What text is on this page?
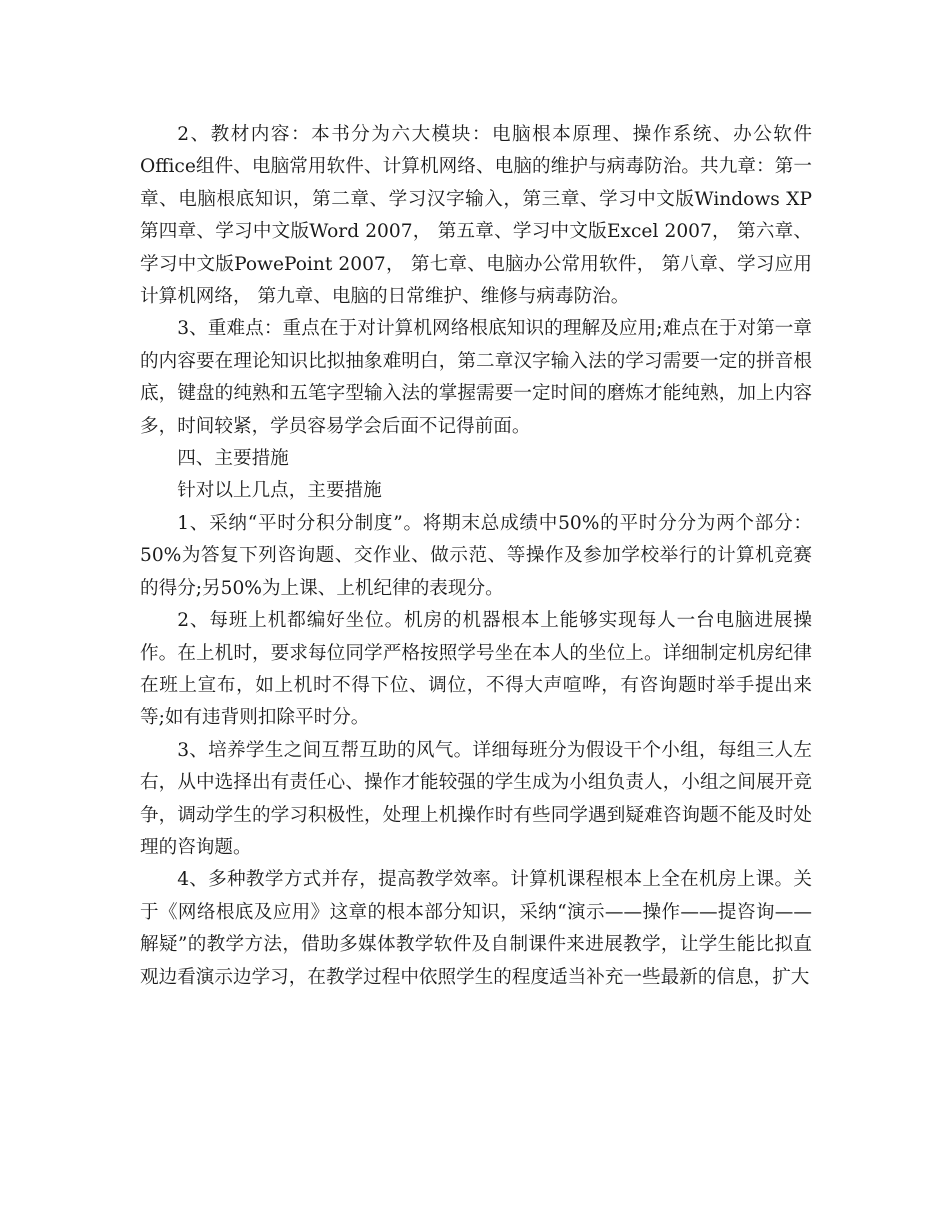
2、教材内容：本书分为六大模块：电脑根本原理、操作系统、办公软件Office组件、电脑常用软件、计算机网络、电脑的维护与病毒防治。共九章：第一章、电脑根底知识，第二章、学习汉字输入，第三章、学习中文版Windows XP第四章、学习中文版Word 2007， 第五章、学习中文版Excel 2007， 第六章、学习中文版PowePoint 2007， 第七章、电脑办公常用软件， 第八章、学习应用计算机网络， 第九章、电脑的日常维护、维修与病毒防治。

3、重难点：重点在于对计算机网络根底知识的理解及应用;难点在于对第一章的内容要在理论知识比拟抽象难明白，第二章汉字输入法的学习需要一定的拼音根底，键盘的纯熟和五笔字型输入法的掌握需要一定时间的磨炼才能纯熟，加上内容多，时间较紧，学员容易学会后面不记得前面。

四、主要措施

针对以上几点，主要措施

1、采纳“平时分积分制度”。将期末总成绩中50%的平时分分为两个部分：50%为答复下列咨询题、交作业、做示范、等操作及参加学校举行的计算机竞赛的得分;另50%为上课、上机纪律的表现分。

2、每班上机都编好坐位。机房的机器根本上能够实现每人一台电脑进展操作。在上机时，要求每位同学严格按照学号坐在本人的坐位上。详细制定机房纪律在班上宣布，如上机时不得下位、调位，不得大声喧哗，有咨询题时举手提出来等;如有违背则扣除平时分。

3、培养学生之间互帮互助的风气。详细每班分为假设干个小组，每组三人左右，从中选择出有责任心、操作才能较强的学生成为小组负责人，小组之间展开竞争，调动学生的学习积极性，处理上机操作时有些同学遇到疑难咨询题不能及时处理的咨询题。

4、多种教学方式并存，提高教学效率。计算机课程根本上全在机房上课。关于《网络根底及应用》这章的根本部分知识，采纳“演示——操作——提咨询——解疑”的教学方法，借助多媒体教学软件及自制课件来进展教学，让学生能比拟直观边看演示边学习，在教学过程中依照学生的程度适当补充一些最新的信息，扩大
